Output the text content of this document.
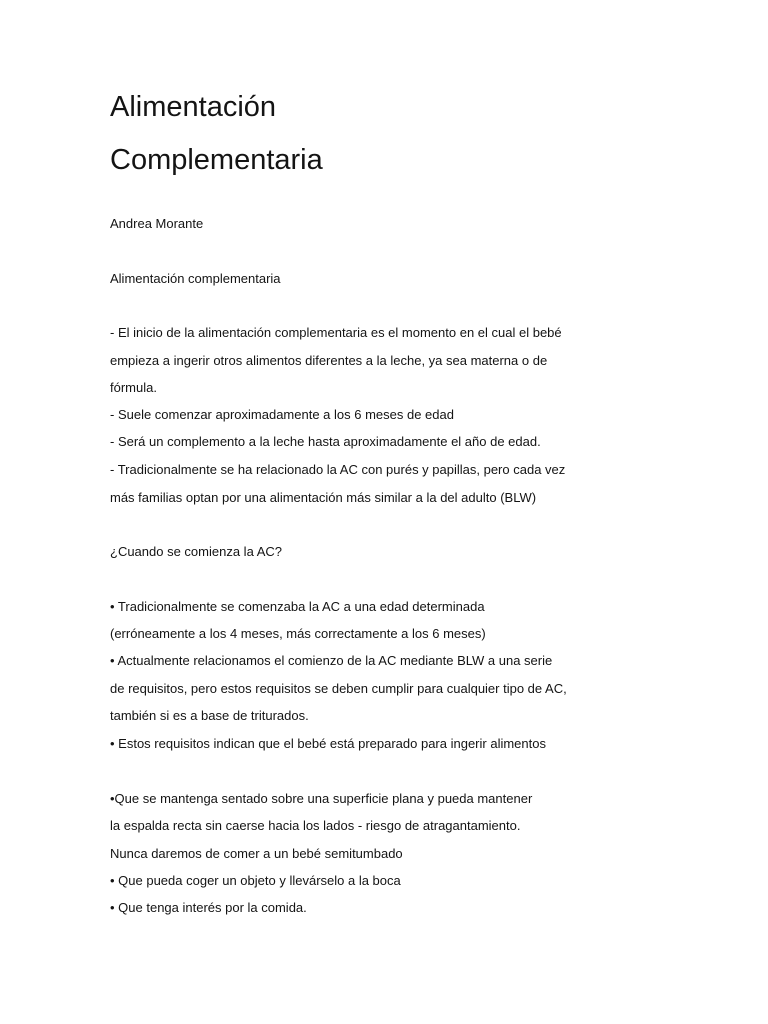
Alimentación
Complementaria
Andrea Morante
Alimentación complementaria
- El inicio de la alimentación complementaria es el momento en el cual el bebé
empieza a ingerir otros alimentos diferentes a la leche, ya sea materna o de
fórmula.
- Suele comenzar aproximadamente a los 6 meses de edad
- Será un complemento a la leche hasta aproximadamente el año de edad.
- Tradicionalmente se ha relacionado la AC con purés y papillas, pero cada vez
más familias optan por una alimentación más similar a la del adulto (BLW)
¿Cuando se comienza la AC?
• Tradicionalmente se comenzaba la AC a una edad determinada
(erróneamente a los 4 meses, más correctamente a los 6 meses)
• Actualmente relacionamos el comienzo de la AC mediante BLW a una serie
de requisitos, pero estos requisitos se deben cumplir para cualquier tipo de AC,
también si es a base de triturados.
• Estos requisitos indican que el bebé está preparado para ingerir alimentos
•Que se mantenga sentado sobre una superficie plana y pueda mantener
la espalda recta sin caerse hacia los lados - riesgo de atragantamiento.
Nunca daremos de comer a un bebé semitumbado
• Que pueda coger un objeto y llevárselo a la boca
• Que tenga interés por la comida.
